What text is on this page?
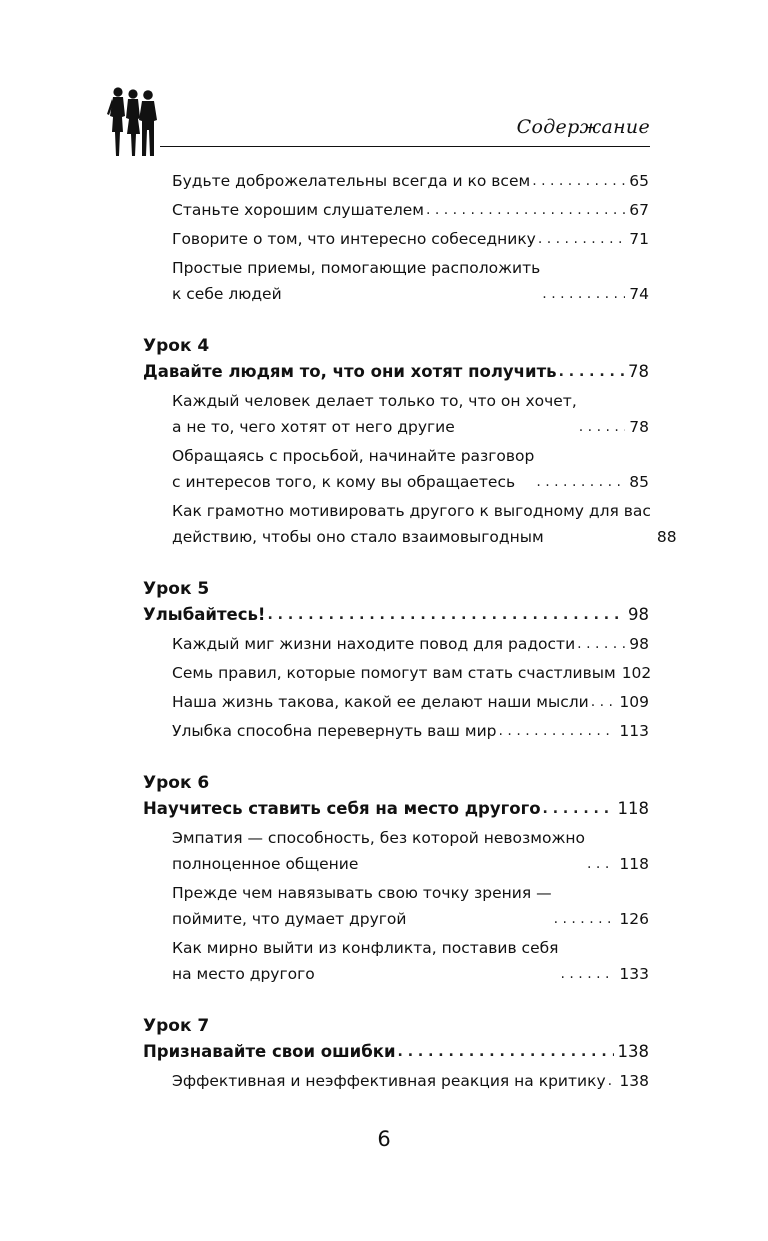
Содержание
Будьте доброжелательны всегда и ко всем . . .	65
Станьте хорошим слушателем . . .	67
Говорите о том, что интересно собеседнику . . .	71
Простые приемы, помогающие расположить
к себе людей . . .	74
Урок 4
Давайте людям то, что они хотят получить . . .	78
Каждый человек делает только то, что он хочет,
а не то, чего хотят от него другие . . .	78
Обращаясь с просьбой, начинайте разговор
с интересов того, к кому вы обращаетесь . . .	85
Как грамотно мотивировать другого к выгодному для вас
действию, чтобы оно стало взаимовыгодным	88
Урок 5
Улыбайтесь! . . .	98
Каждый миг жизни находите повод для радости . . .	98
Семь правил, которые помогут вам стать счастливым 102
Наша жизнь такова, какой ее делают наши мысли . . . 109
Улыбка способна перевернуть ваш мир . . .	113
Урок 6
Научитесь ставить себя на место другого . . .	118
Эмпатия — способность, без которой невозможно
полноценное общение . . .	118
Прежде чем навязывать свою точку зрения —
поймите, что думает другой . . .	126
Как мирно выйти из конфликта, поставив себя
на место другого . . .	133
Урок 7
Признавайте свои ошибки . . .	138
Эффективная и неэффективная реакция на критику . . . 138
6
